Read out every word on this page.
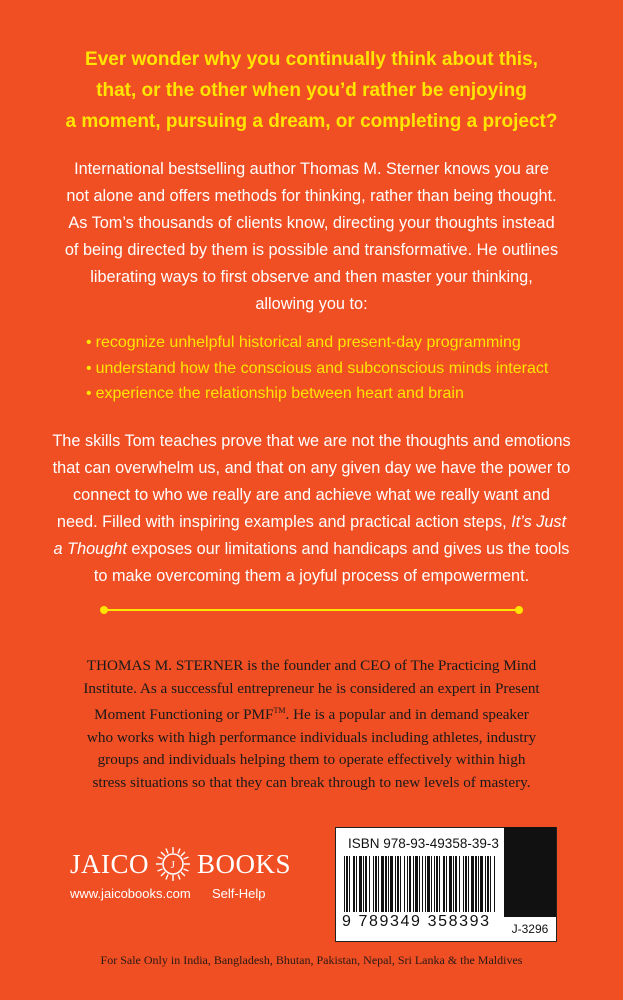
Ever wonder why you continually think about this,
that, or the other when you’d rather be enjoying
a moment, pursuing a dream, or completing a project?
International bestselling author Thomas M. Sterner knows you are
not alone and offers methods for thinking, rather than being thought.
As Tom’s thousands of clients know, directing your thoughts instead
of being directed by them is possible and transformative. He outlines
liberating ways to first observe and then master your thinking,
allowing you to:
• recognize unhelpful historical and present-day programming
• understand how the conscious and subconscious minds interact
• experience the relationship between heart and brain
The skills Tom teaches prove that we are not the thoughts and emotions
that can overwhelm us, and that on any given day we have the power to
connect to who we really are and achieve what we really want and
need. Filled with inspiring examples and practical action steps, It’s Just
a Thought exposes our limitations and handicaps and gives us the tools
to make overcoming them a joyful process of empowerment.
THOMAS M. STERNER is the founder and CEO of The Practicing Mind
Institute. As a successful entrepreneur he is considered an expert in Present
Moment Functioning or PMF™. He is a popular and in demand speaker
who works with high performance individuals including athletes, industry
groups and individuals helping them to operate effectively within high
stress situations so that they can break through to new levels of mastery.
JAICO J BOOKS
www.jaicobooks.com	Self-Help
ISBN 978-93-49358-39-3
9 789349 358393	J-3296
For Sale Only in India, Bangladesh, Bhutan, Pakistan, Nepal, Sri Lanka & the Maldives
